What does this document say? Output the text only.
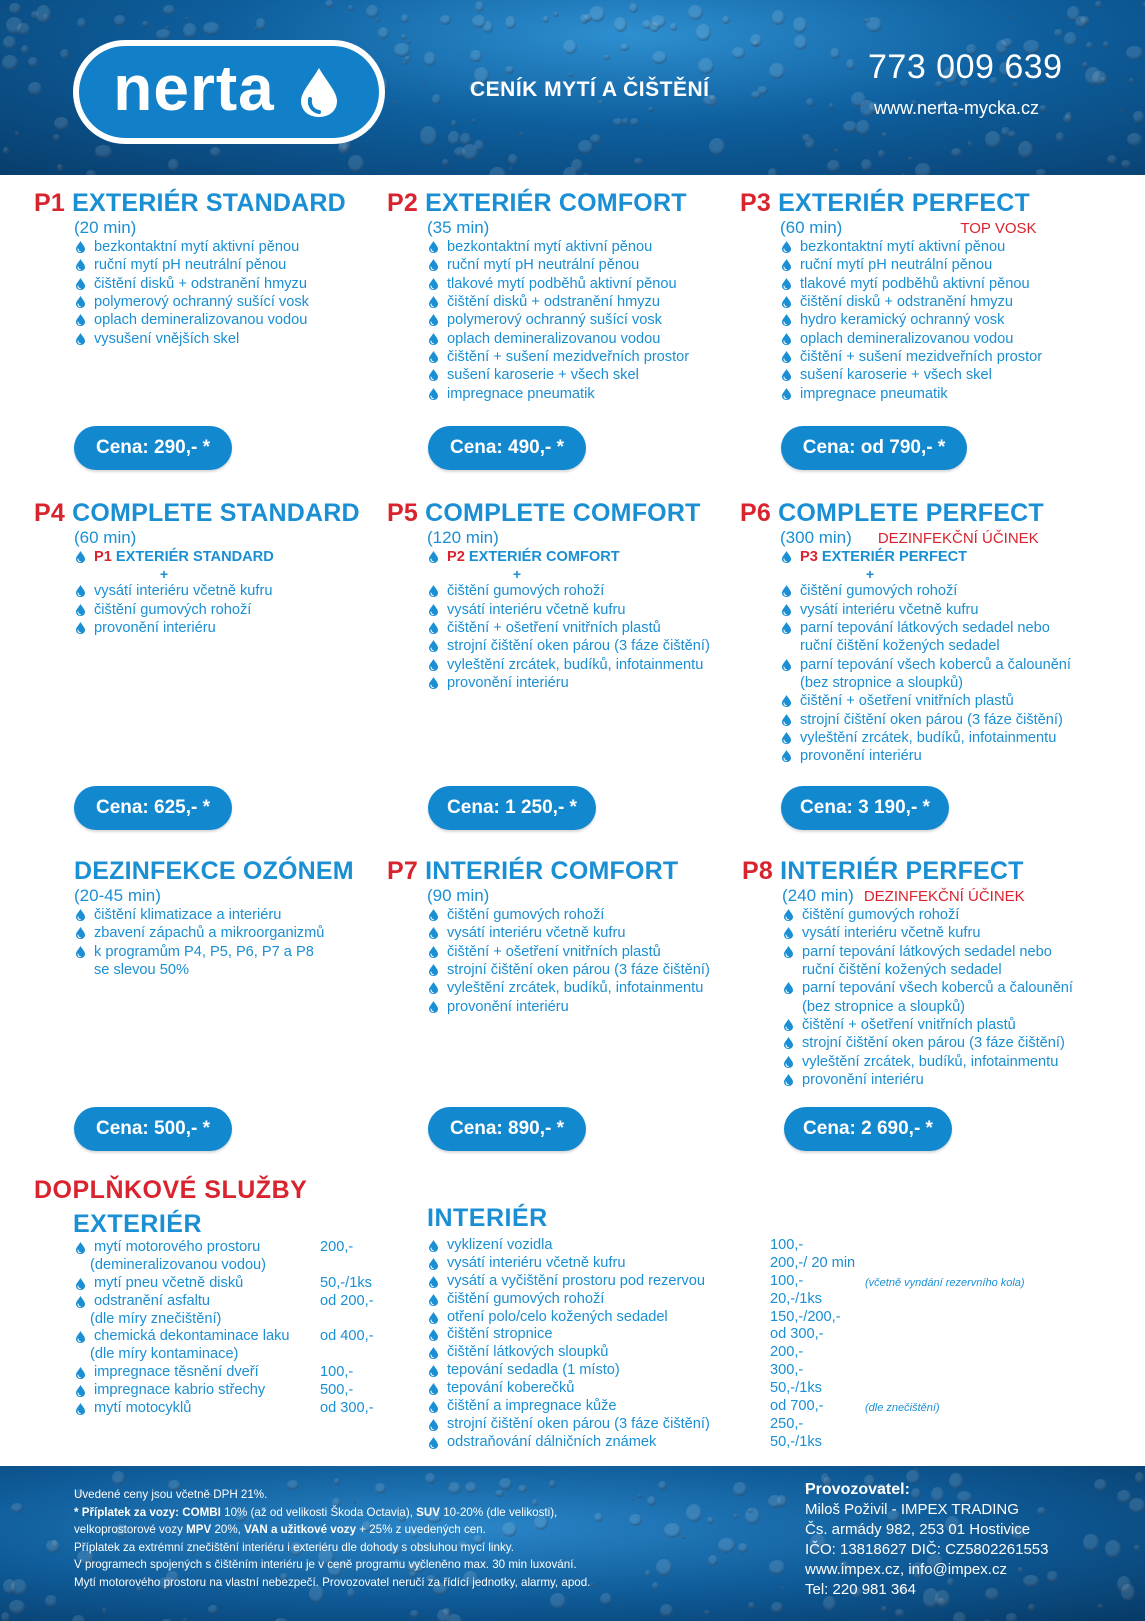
nerta	CENÍK MYTÍ A ČIŠTĚNÍ
773 009 639
www.nerta-mycka.cz
P1 EXTERIÉR STANDARD
(20 min)
bezkontaktní mytí aktivní pěnou
ruční mytí pH neutrální pěnou
čištění disků + odstranění hmyzu
polymerový ochranný sušící vosk
oplach demineralizovanou vodou
vysušení vnějších skel
Cena: 290,- *
P2 EXTERIÉR COMFORT
(35 min)
bezkontaktní mytí aktivní pěnou
ruční mytí pH neutrální pěnou
tlakové mytí podběhů aktivní pěnou
čištění disků + odstranění hmyzu
polymerový ochranný sušící vosk
oplach demineralizovanou vodou
čištění + sušení mezidveřních prostor
sušení karoserie + všech skel
impregnace pneumatik
Cena: 490,- *
P3 EXTERIÉR PERFECT
(60 min)	TOP VOSK
bezkontaktní mytí aktivní pěnou
ruční mytí pH neutrální pěnou
tlakové mytí podběhů aktivní pěnou
čištění disků + odstranění hmyzu
hydro keramický ochranný vosk
oplach demineralizovanou vodou
čištění + sušení mezidveřních prostor
sušení karoserie + všech skel
impregnace pneumatik
Cena: od 790,- *
P4 COMPLETE STANDARD
(60 min)
P1 EXTERIÉR STANDARD
+
vysátí interiéru včetně kufru
čištění gumových rohoží
provonění interiéru
Cena: 625,- *
P5 COMPLETE COMFORT
(120 min)
P2 EXTERIÉR COMFORT
+
čištění gumových rohoží
vysátí interiéru včetně kufru
čištění + ošetření vnitřních plastů
strojní čištění oken párou (3 fáze čištění)
vyleštění zrcátek, budíků, infotainmentu
provonění interiéru
Cena: 1 250,- *
P6 COMPLETE PERFECT
(300 min) DEZINFEKČNÍ ÚČINEK
P3 EXTERIÉR PERFECT
+
čištění gumových rohoží
vysátí interiéru včetně kufru
parní tepování látkových sedadel nebo
ruční čištění kožených sedadel
parní tepování všech koberců a čalounění
(bez stropnice a sloupků)
čištění + ošetření vnitřních plastů
strojní čištění oken párou (3 fáze čištění)
vyleštění zrcátek, budíků, infotainmentu
provonění interiéru
Cena: 3 190,- *
DEZINFEKCE OZÓNEM
(20-45 min)
čištění klimatizace a interiéru
zbavení zápachů a mikroorganizmů
k programům P4, P5, P6, P7 a P8
se slevou 50%
Cena: 500,- *
P7 INTERIÉR COMFORT
(90 min)
čištění gumových rohoží
vysátí interiéru včetně kufru
čištění + ošetření vnitřních plastů
strojní čištění oken párou (3 fáze čištění)
vyleštění zrcátek, budíků, infotainmentu
provonění interiéru
Cena: 890,- *
P8 INTERIÉR PERFECT
(240 min) DEZINFEKČNÍ ÚČINEK
čištění gumových rohoží
vysátí interiéru včetně kufru
parní tepování látkových sedadel nebo
ruční čištění kožených sedadel
parní tepování všech koberců a čalounění
(bez stropnice a sloupků)
čištění + ošetření vnitřních plastů
strojní čištění oken párou (3 fáze čištění)
vyleštění zrcátek, budíků, infotainmentu
provonění interiéru
Cena: 2 690,- *
DOPLŇKOVÉ SLUŽBY
EXTERIÉR	INTERIÉR
mytí motorového prostoru	200,-
(demineralizovanou vodou)
mytí pneu včetně disků	50,-/1ks
odstranění asfaltu	od 200,-
(dle míry znečištění)
chemická dekontaminace laku od 400,-
(dle míry kontaminace)
impregnace těsnění dveří	100,-
impregnace kabrio střechy	500,-
mytí motocyklů	od 300,-
vyklizení vozidla	100,-
vysátí interiéru včetně kufru	200,-/ 20 min
vysátí a vyčištění prostoru pod rezervou	100,-	(včetně vyndání rezervního kola)
čištění gumových rohoží	20,-/1ks
otření polo/celo kožených sedadel	150,-/200,-
čištění stropnice	od 300,-
čištění látkových sloupků	200,-
tepování sedadla (1 místo)	300,-
tepování koberečků	50,-/1ks
čištění a impregnace kůže	od 700,-	(dle znečištění)
strojní čištění oken párou (3 fáze čištění)	250,-
odstraňování dálničních známek	50,-/1ks
Uvedené ceny jsou včetně DPH 21%.
* Příplatek za vozy: COMBI 10% (až od velikosti Škoda Octavia), SUV 10-20% (dle velikosti),
velkoprostorové vozy MPV 20%, VAN a užitkové vozy + 25% z uvedených cen.
Příplatek za extrémní znečištění interiéru i exteriéru dle dohody s obsluhou mycí linky.
V programech spojených s čištěním interiéru je v ceně programu vyčleněno max. 30 min luxování.
Mytí motorového prostoru na vlastní nebezpečí. Provozovatel neručí za řídící jednotky, alarmy, apod.
Provozovatel:
Miloš Poživil - IMPEX TRADING
Čs. armády 982, 253 01 Hostivice
IČO: 13818627 DIČ: CZ5802261553
www.impex.cz, info@impex.cz
Tel: 220 981 364
